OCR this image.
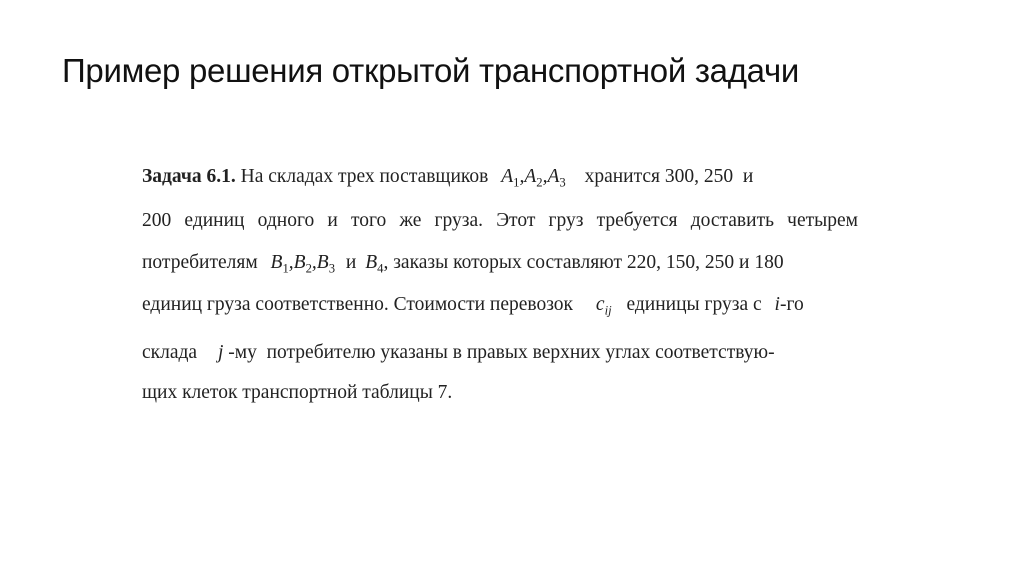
Пример решения открытой транспортной задачи
Задача 6.1. На складах трех поставщиков $A_1,A_2,A_3$ хранится 300, 250  и
200 единиц одного и того же груза. Этот груз требуется доставить четырем
потребителям $B_1,B_2,B_3$ и $B_4$, заказы которых составляют 220, 150, 250 и 180
единиц груза соответственно. Стоимости перевозок $c_{ij}$ единицы груза с i-го
склада j -му  потребителю указаны в правых верхних углах соответствую-
щих клеток транспортной таблицы 7.
